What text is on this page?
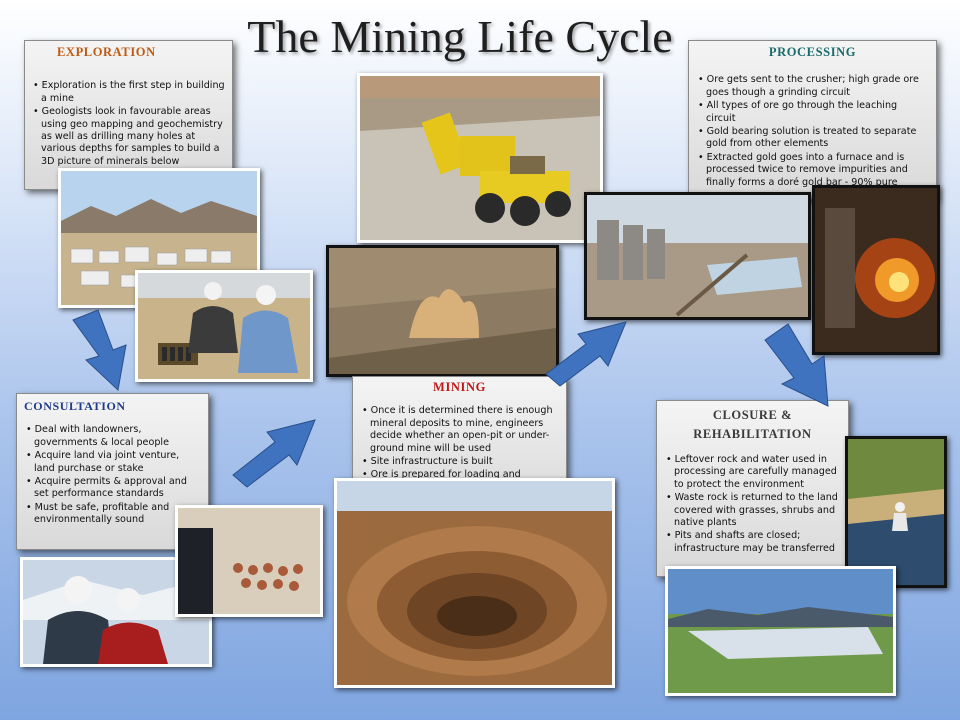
The Mining Life Cycle
EXPLORATION
• Exploration is the first step in building a mine
• Geologists look in favourable areas using geo mapping and geochemistry as well as drilling many holes at various depths for samples to build a 3D picture of minerals below
PROCESSING
• Ore gets sent to the crusher; high grade ore goes though a grinding circuit
• All types of ore go through the leaching circuit
• Gold bearing solution is treated to separate gold from other elements
• Extracted gold goes into a furnace and is processed twice to remove impurities and finally forms a doré gold bar - 90% pure
CONSULTATION
• Deal with landowners, governments & local people
• Acquire land via joint venture, land purchase or stake
• Acquire permits & approval and set performance standards
• Must be safe, profitable and environmentally sound
MINING
• Once it is determined there is enough mineral deposits to mine, engineers decide whether an open-pit or under-ground mine will be used
• Site infrastructure is built
• Ore is prepared for loading and
CLOSURE & REHABILITATION
• Leftover rock and water used in processing are carefully managed to protect the environment
• Waste rock is returned to the land covered with grasses, shrubs and native plants
• Pits and shafts are closed; infrastructure may be transferred
